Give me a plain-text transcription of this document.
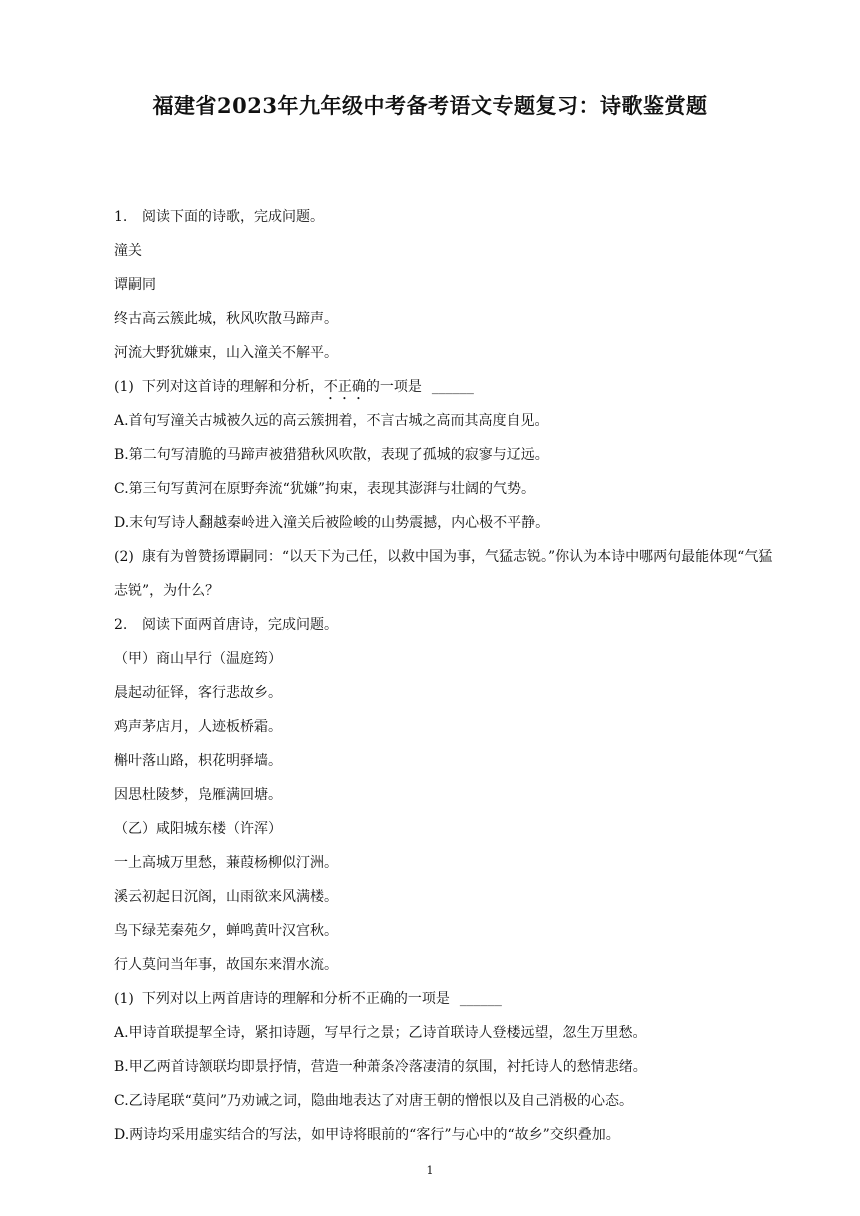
福建省2023年九年级中考备考语文专题复习：诗歌鉴赏题
1. 阅读下面的诗歌，完成问题。
潼关
谭嗣同
终古高云簇此城，秋风吹散马蹄声。
河流大野犹嫌束，山入潼关不解平。
(1) 下列对这首诗的理解和分析，不正确的一项是 ______
A.首句写潼关古城被久远的高云簇拥着，不言古城之高而其高度自见。
B.第二句写清脆的马蹄声被猎猎秋风吹散，表现了孤城的寂寥与辽远。
C.第三句写黄河在原野奔流“犹嫌”拘束，表现其澎湃与壮阔的气势。
D.末句写诗人翻越秦岭进入潼关后被险峻的山势震撼，内心极不平静。
(2) 康有为曾赞扬谭嗣同：“以天下为己任，以救中国为事，气猛志锐。”你认为本诗中哪两句最能体现“气猛志锐”，为什么？
2. 阅读下面两首唐诗，完成问题。
（甲）商山早行（温庭筠）
晨起动征铎，客行悲故乡。
鸡声茅店月，人迹板桥霜。
槲叶落山路，枳花明驿墙。
因思杜陵梦，凫雁满回塘。
（乙）咸阳城东楼（许浑）
一上高城万里愁，蒹葭杨柳似汀洲。
溪云初起日沉阁，山雨欲来风满楼。
鸟下绿芜秦苑夕，蝉鸣黄叶汉宫秋。
行人莫问当年事，故国东来渭水流。
(1) 下列对以上两首唐诗的理解和分析不正确的一项是 ______
A.甲诗首联提挈全诗，紧扣诗题，写早行之景；乙诗首联诗人登楼远望，忽生万里愁。
B.甲乙两首诗颔联均即景抒情，营造一种萧条冷落凄清的氛围，衬托诗人的愁情悲绪。
C.乙诗尾联“莫问”乃劝诫之词，隐曲地表达了对唐王朝的憎恨以及自己消极的心态。
D.两诗均采用虚实结合的写法，如甲诗将眼前的“客行”与心中的“故乡”交织叠加。
1
